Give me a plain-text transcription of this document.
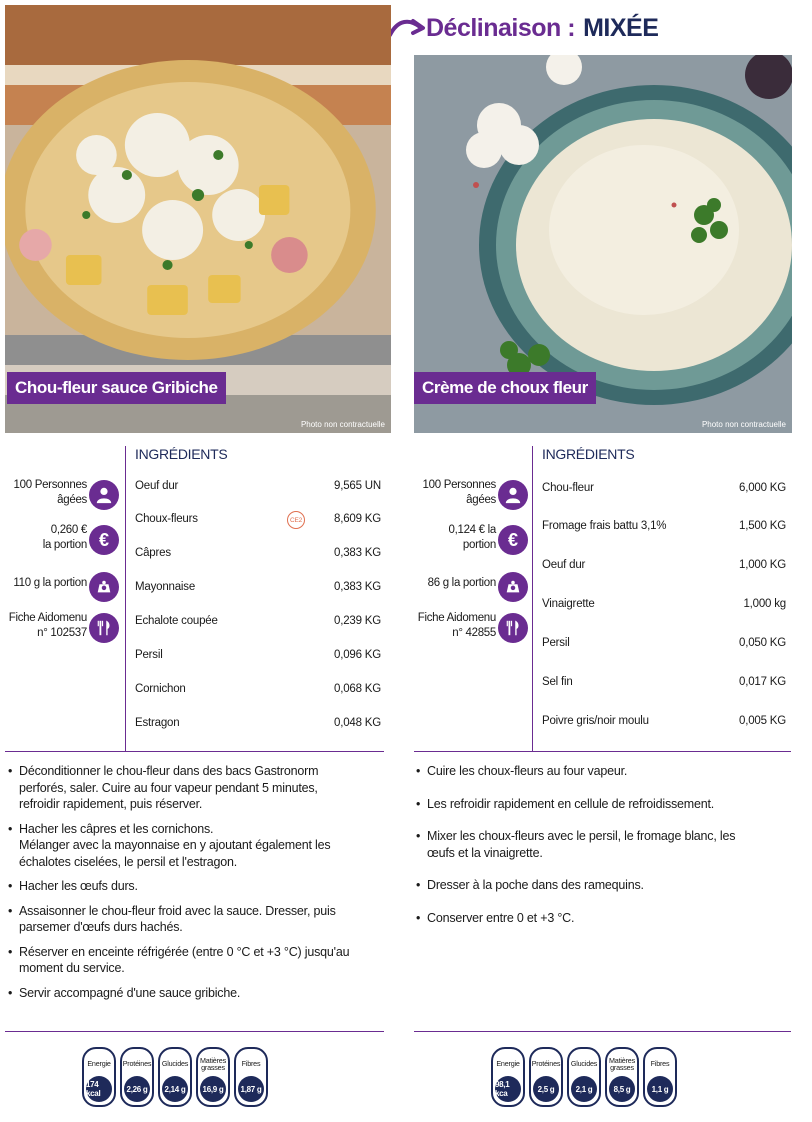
Déclinaison : MIXÉE
Chou-fleur sauce Gribiche
Photo non contractuelle
100 Personnes
âgées
0,260 €
la portion €
110 g la portion
Fiche Aidomenu
n° 102537
INGRÉDIENTS
Oeuf dur	9,565 UN
Choux-fleurs	CE2	8,609 KG
Câpres	0,383 KG
Mayonnaise	0,383 KG
Echalote coupée	0,239 KG
Persil	0,096 KG
Cornichon	0,068 KG
Estragon	0,048 KG
• Déconditionner le chou-fleur dans des bacs Gastronorm
perforés, saler. Cuire au four vapeur pendant 5 minutes,
refroidir rapidement, puis réserver.
• Hacher les câpres et les cornichons.
Mélanger avec la mayonnaise en y ajoutant également les
échalotes ciselées, le persil et l'estragon.
• Hacher les œufs durs.
• Assaisonner le chou-fleur froid avec la sauce. Dresser, puis
parsemer d'œufs durs hachés.
• Réserver en enceinte réfrigérée (entre 0 °C et +3 °C) jusqu'au
moment du service.
• Servir accompagné d'une sauce gribiche.
Energie
174 kcal
Protéines
2,26 g
Glucides
2,14 g
Matières grasses
16,9 g
Fibres
1,87 g
Crème de choux fleur
Photo non contractuelle
100 Personnes
âgées
0,124 € la
portion €
86 g la portion
Fiche Aidomenu
n° 42855
INGRÉDIENTS
Chou-fleur	6,000 KG
Fromage frais battu 3,1%	1,500 KG
Oeuf dur	1,000 KG
Vinaigrette	1,000 kg
Persil	0,050 KG
Sel fin	0,017 KG
Poivre gris/noir moulu	0,005 KG
• Cuire les choux-fleurs au four vapeur.
• Les refroidir rapidement en cellule de refroidissement.
• Mixer les choux-fleurs avec le persil, le fromage blanc, les
œufs et la vinaigrette.
• Dresser à la poche dans des ramequins.
• Conserver entre 0 et +3 °C.
Energie
98,1 kca
Protéines
2,5 g
Glucides
2,1 g
Matières grasses
8,5 g
Fibres
1,1 g
